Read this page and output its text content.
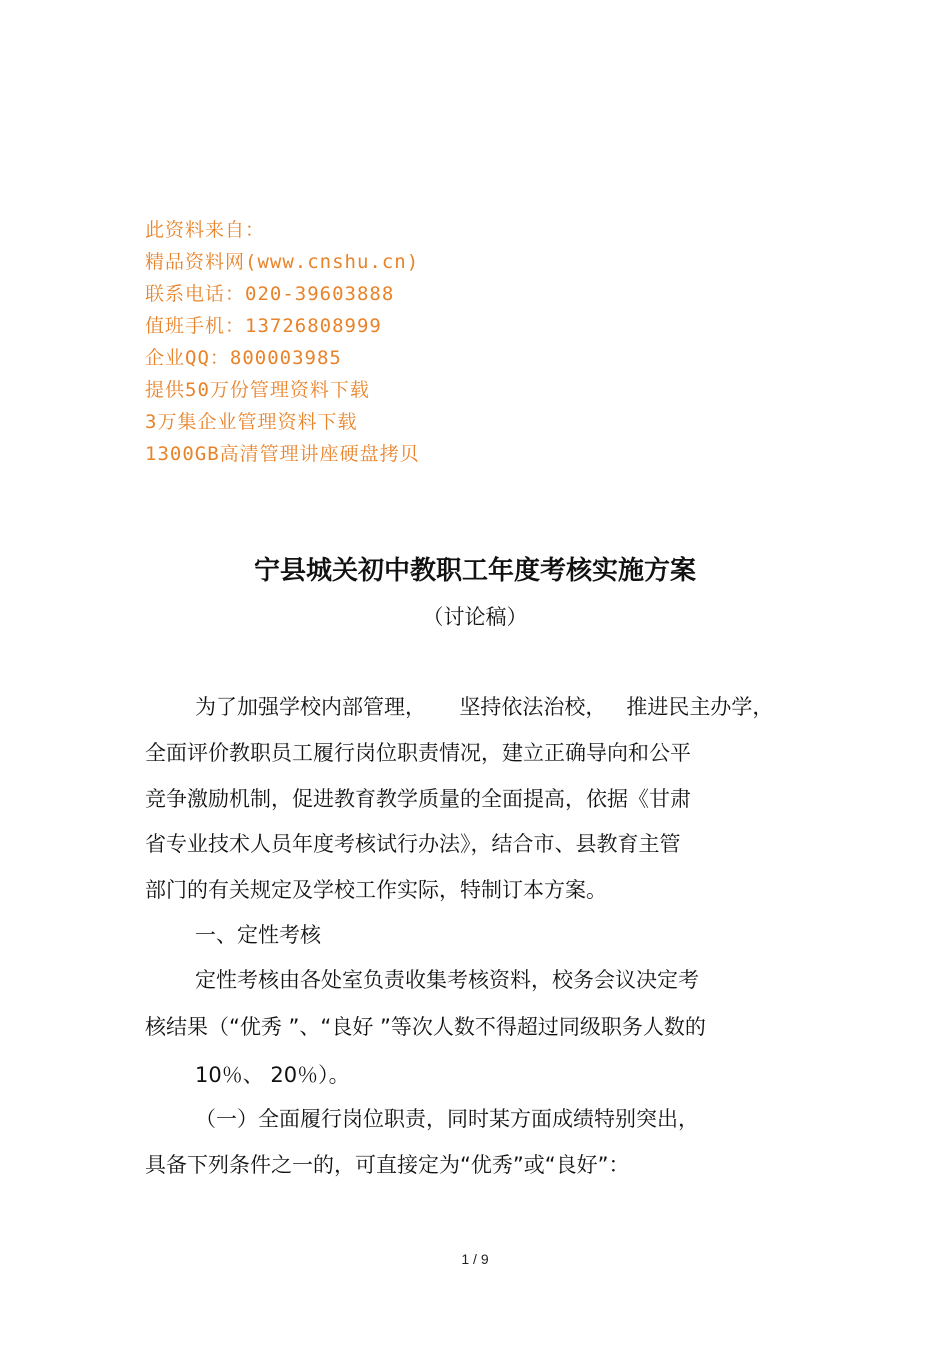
此资料来自：
精品资料网(www.cnshu.cn)
联系电话：020-39603888
值班手机：13726808999
企业QQ：800003985
提供50万份管理资料下载
3万集企业管理资料下载
1300GB高清管理讲座硬盘拷贝
宁县城关初中教职工年度考核实施方案
（讨论稿）
为了加强学校内部管理，     坚持依法治校，   推进民主办学，
全面评价教职员工履行岗位职责情况，建立正确导向和公平
竞争激励机制，促进教育教学质量的全面提高，依据《甘肃
省专业技术人员年度考核试行办法》，结合市、县教育主管
部门的有关规定及学校工作实际，特制订本方案。
一、定性考核
定性考核由各处室负责收集考核资料，校务会议决定考
核结果（“优秀 ”、“良好 ”等次人数不得超过同级职务人数的
10％、 20％）。
（一）全面履行岗位职责，同时某方面成绩特别突出，
具备下列条件之一的，可直接定为“优秀”或“良好”：
1 / 9
